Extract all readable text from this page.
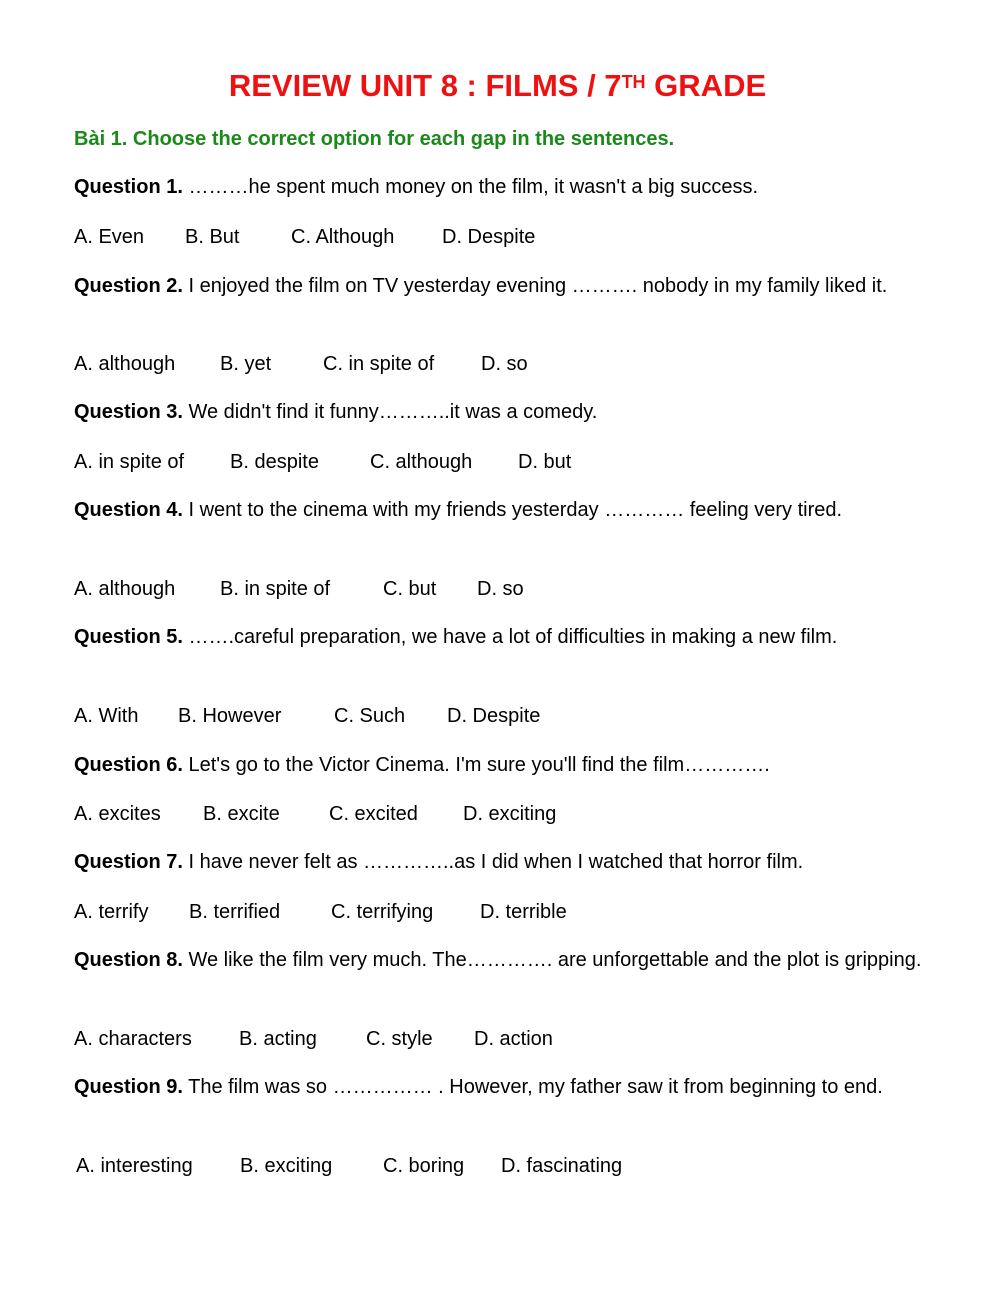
REVIEW UNIT 8 : FILMS / 7TH GRADE
Bài 1. Choose the correct option for each gap in the sentences.
Question 1. ………he spent much money on the film, it wasn't a big success.
A. Even B. But	C. Although D. Despite
Question 2. I enjoyed the film on TV yesterday evening ………. nobody in my family liked it.
A. although B. yet	C. in spite of D. so
Question 3. We didn't find it funny………..it was a comedy.
A. in spite of B. despite	C. although D. but
Question 4. I went to the cinema with my friends yesterday ………… feeling very tired.
A. although B. in spite of	C. but D. so
Question 5. …….careful preparation, we have a lot of difficulties in making a new film.
A. With B. However	C. Such D. Despite
Question 6. Let's go to the Victor Cinema. I'm sure you'll find the film………….
A. excites B. excite C. excited D. exciting
Question 7. I have never felt as …………..as I did when I watched that horror film.
A. terrify B. terrified	C. terrifying D. terrible
Question 8. We like the film very much. The…………. are unforgettable and the plot is gripping.
A. characters B. acting C. style D. action
Question 9. The film was so …………… . However, my father saw it from beginning to end.
A. interesting B. exciting	C. boring D. fascinating
